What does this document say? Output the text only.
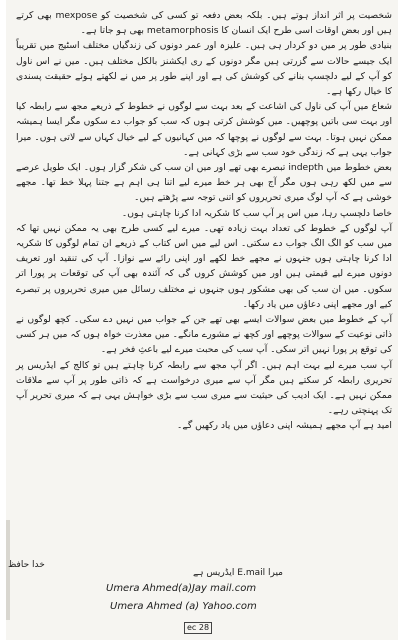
شخصیت پر اثر انداز ہوتے ہیں۔ بلکہ بعض دفعہ تو کسی کی شخصیت کو mexpose بھی کرتے ہیں اور بعض اوقات اسی طرح ایک انسان کا metamorphosis بھی ہو جاتا ہے۔

بنیادی طور پر میں دو کردار ہی ہیں۔ علیزہ اور عمر دونوں کی زندگیاں مختلف اسٹیج میں تقریباً ایک جیسے حالات سے گزرتی ہیں مگر دونوں کے ری ایکشنز بالکل مختلف ہیں۔ میں نے اس ناول کو آپ کے لیے دلچسپ بنانے کی کوشش کی ہے اور اپنے طور پر میں نے لکھتے ہوئے حقیقت پسندی کا خیال رکھا ہے۔

شعاع میں آپ کی ناول کی اشاعت کے بعد بہت سے لوگوں نے خطوط کے ذریعے مجھ سے رابطہ کیا اور بہت سی باتیں پوچھیں۔ میں کوشش کرتی ہوں کہ سب کو جواب دے سکوں مگر ایسا ہمیشہ ممکن نہیں ہوتا۔ بہت سے لوگوں نے پوچھا کہ میں کہانیوں کے لیے خیال کہاں سے لاتی ہوں۔ میرا جواب یہی ہے کہ زندگی خود سب سے بڑی کہانی ہے۔

بعض خطوط میں indepth تبصرے بھی تھے اور میں ان سب کی شکر گزار ہوں۔ ایک طویل عرصے سے میں لکھ رہی ہوں مگر آج بھی ہر خط میرے لیے اتنا ہی اہم ہے جتنا پہلا خط تھا۔ مجھے خوشی ہے کہ آپ لوگ میری تحریروں کو اتنی توجہ سے پڑھتے ہیں۔

خاصا دلچسپ رہا، میں اس پر آپ سب کا شکریہ ادا کرنا چاہتی ہوں۔

آپ لوگوں کے خطوط کی تعداد بہت زیادہ تھی۔ میرے لیے کسی طرح بھی یہ ممکن نہیں تھا کہ میں سب کو الگ الگ جواب دے سکتی۔ اس لیے میں اس کتاب کے ذریعے ان تمام لوگوں کا شکریہ ادا کرنا چاہتی ہوں جنہوں نے مجھے خط لکھے اور اپنی رائے سے نوازا۔ آپ کی تنقید اور تعریف دونوں میرے لیے قیمتی ہیں اور میں کوشش کروں گی کہ آئندہ بھی آپ کی توقعات پر پورا اتر سکوں۔ میں ان سب کی بھی مشکور ہوں جنہوں نے مختلف رسائل میں میری تحریروں پر تبصرے کیے اور مجھے اپنی دعاؤں میں یاد رکھا۔

آپ کے خطوط میں بعض سوالات ایسے بھی تھے جن کے جواب میں نہیں دے سکی۔ کچھ لوگوں نے ذاتی نوعیت کے سوالات پوچھے اور کچھ نے مشورے مانگے۔ میں معذرت خواہ ہوں کہ میں ہر کسی کی توقع پر پورا نہیں اتر سکی۔ آپ سب کی محبت میرے لیے باعثِ فخر ہے۔

آپ سب میرے لیے بہت اہم ہیں۔ اگر آپ مجھ سے رابطہ کرنا چاہتے ہیں تو کالج کے ایڈریس پر تحریری رابطہ کر سکتے ہیں مگر آپ سے میری درخواست ہے کہ ذاتی طور پر آپ سے ملاقات ممکن نہیں ہے۔ ایک ادیب کی حیثیت سے میری سب سے بڑی خواہش یہی ہے کہ میری تحریر آپ تک پہنچتی رہے۔

امید ہے آپ مجھے ہمیشہ اپنی دعاؤں میں یاد رکھیں گے۔

خدا حافظ
میرا E.mail ایڈریس ہے
Umera Ahmed(a)Jay mail.com
Umera Ahmed (a) Yahoo.com
ec 28
